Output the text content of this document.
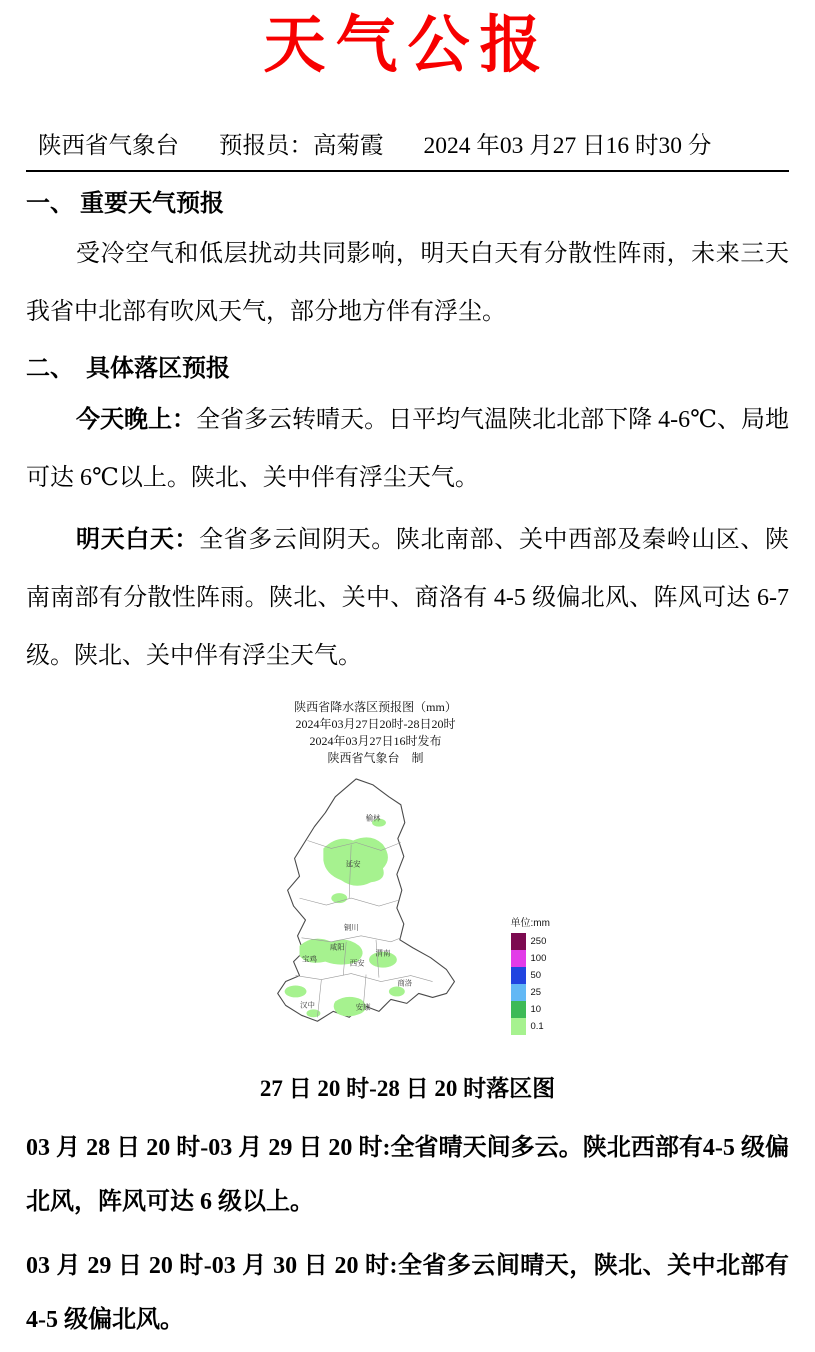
天气公报
陕西省气象台 预报员：高菊霞 2024 年03 月27 日16 时30 分
一、 重要天气预报

受冷空气和低层扰动共同影响，明天白天有分散性阵雨，未来三天我省中北部有吹风天气，部分地方伴有浮尘。

二、　具体落区预报

今天晚上：全省多云转晴天。日平均气温陕北北部下降 4-6℃、局地可达 6℃以上。陕北、关中伴有浮尘天气。

明天白天：全省多云间阴天。陕北南部、关中西部及秦岭山区、陕南南部有分散性阵雨。陕北、关中、商洛有 4-5 级偏北风、阵风可达 6-7 级。陕北、关中伴有浮尘天气。

陕西省降水落区预报图（mm）
2024年03月27日20时-28日20时
2024年03月27日16时发布
陕西省气象台　制
榆林
延安
铜川
渭南
咸阳
西安
宝鸡
商洛
安康
汉中
单位:mm
250
100
50
25
10
0.1

27 日 20 时-28 日 20 时落区图

03 月 28 日 20 时-03 月 29 日 20 时:全省晴天间多云。陕北西部有4-5 级偏北风，阵风可达 6 级以上。

03 月 29 日 20 时-03 月 30 日 20 时:全省多云间晴天，陕北、关中北部有 4-5 级偏北风。
